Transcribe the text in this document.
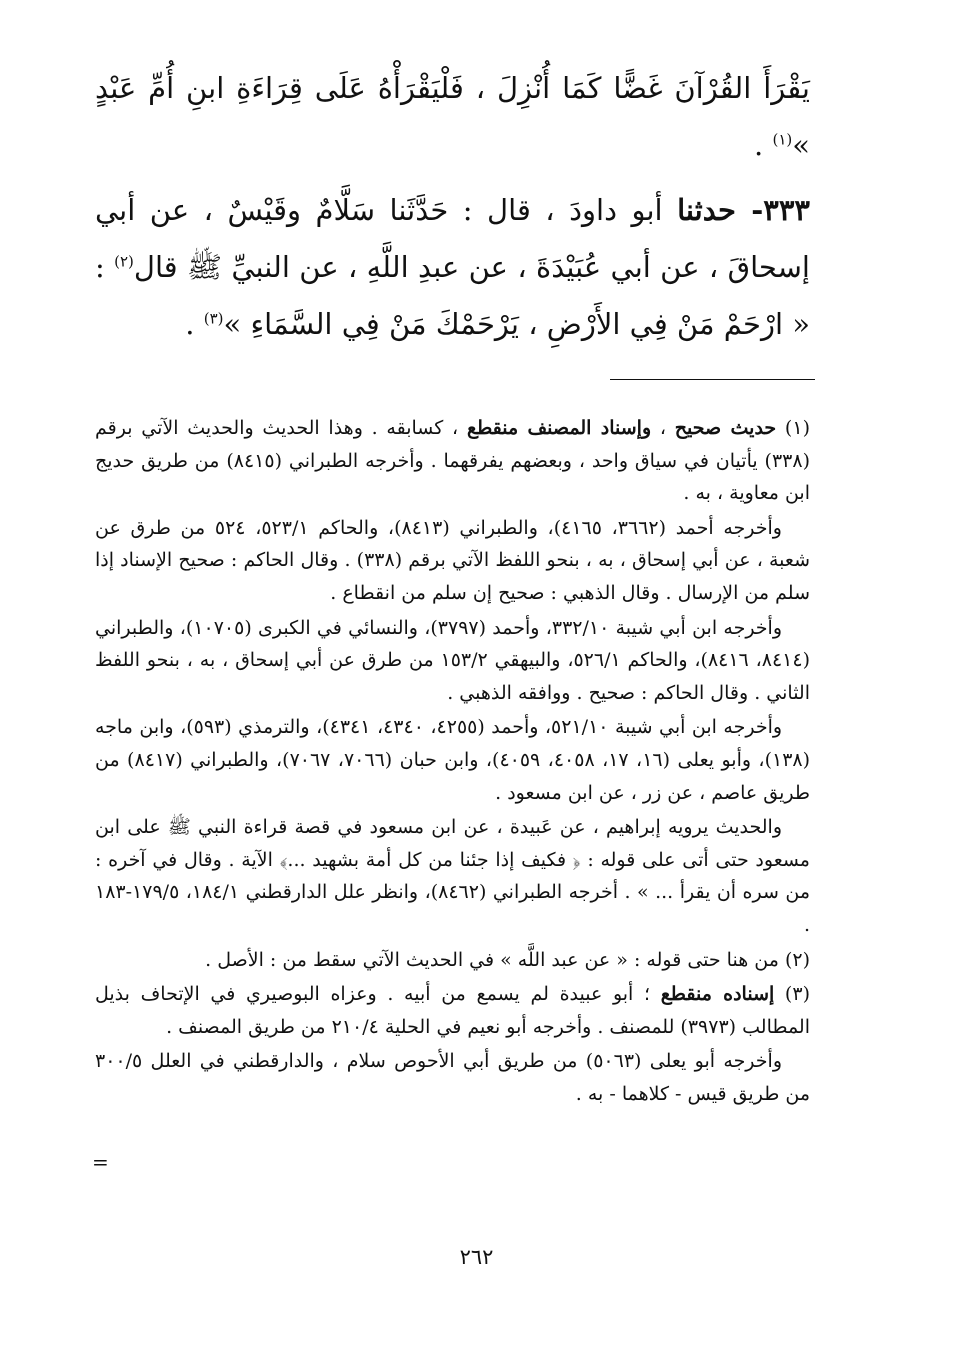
يَقْرَأَ القُرْآنَ غَضًّا كَمَا أُنْزِلَ ، فَلْيَقْرَأْهُ عَلَى قِرَاءَةِ ابنِ أُمِّ عَبْدٍ »$^{(١)}$ .

٣٣٣- حدثنا أبو داودَ ، قال : حَدَّثَنا سَلَّامٌ وقَيْسٌ ، عن أبي إسحاقَ ، عن أبي عُبَيْدَةَ ، عن عبدِ اللَّهِ ، عن النبيِّ ﷺ قال$^{(٢)}$ : « ارْحَمْ مَنْ فِي الأَرْضِ ، يَرْحَمْكَ مَنْ فِي السَّمَاءِ »$^{(٣)}$ .

(١) حديث صحيح ، وإسناد المصنف منقطع ، كسابقه . وهذا الحديث والحديث الآتي برقم (٣٣٨) يأتيان في سياق واحد ، وبعضهم يفرقهما . وأخرجه الطبراني (٨٤١٥) من طريق حديج ابن معاوية ، به .

وأخرجه أحمد (٣٦٦٢، ٤١٦٥)، والطبراني (٨٤١٣)، والحاكم ٥٢٣/١، ٥٢٤ من طرق عن شعبة ، عن أبي إسحاق ، به ، بنحو اللفظ الآتي برقم (٣٣٨) . وقال الحاكم : صحيح الإسناد إذا سلم من الإرسال . وقال الذهبي : صحيح إن سلم من انقطاع .

وأخرجه ابن أبي شيبة ٣٣٢/١٠، وأحمد (٣٧٩٧)، والنسائي في الكبرى (١٠٧٠٥)، والطبراني (٨٤١٤، ٨٤١٦)، والحاكم ٥٢٦/١، والبيهقي ١٥٣/٢ من طرق عن أبي إسحاق ، به ، بنحو اللفظ الثاني . وقال الحاكم : صحيح . ووافقه الذهبي .

وأخرجه ابن أبي شيبة ٥٢١/١٠، وأحمد (٤٢٥٥، ٤٣٤٠، ٤٣٤١)، والترمذي (٥٩٣)، وابن ماجه (١٣٨)، وأبو يعلى (١٦، ١٧، ٤٠٥٨، ٤٠٥٩)، وابن حبان (٧٠٦٦، ٧٠٦٧)، والطبراني (٨٤١٧) من طريق عاصم ، عن زر ، عن ابن مسعود .

والحديث يرويه إبراهيم ، عن عَبيدة ، عن ابن مسعود في قصة قراءة النبي ﷺ على ابن مسعود حتى أتى على قوله : ﴿ فكيف إذا جئنا من كل أمة بشهيد ...﴾ الآية . وقال في آخره : من سره أن يقرأ ... » . أخرجه الطبراني (٨٤٦٢)، وانظر علل الدارقطني ١٨٤/١، ١٧٩/٥-١٨٣ .

(٢) من هنا حتى قوله : « عن عبد اللَّه » في الحديث الآتي سقط من : الأصل .

(٣) إسناده منقطع ؛ أبو عبيدة لم يسمع من أبيه . وعزاه البوصيري في الإتحاف بذيل المطالب (٣٩٧٣) للمصنف . وأخرجه أبو نعيم في الحلية ٢١٠/٤ من طريق المصنف .

وأخرجه أبو يعلى (٥٠٦٣) من طريق أبي الأحوص سلام ، والدارقطني في العلل ٣٠٠/٥ من طريق قيس - كلاهما - به .

=
٢٦٢
